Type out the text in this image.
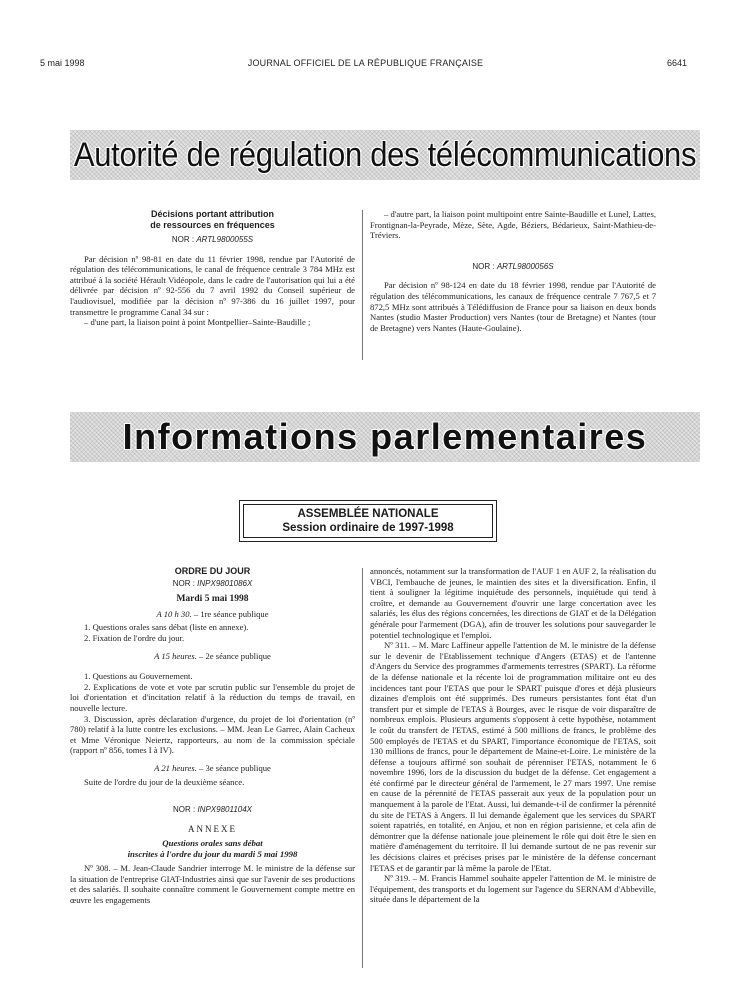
5 mai 1998	JOURNAL OFFICIEL DE LA RÉPUBLIQUE FRANÇAISE	6641
Autorité de régulation des télécommunications
Décisions portant attribution
de ressources en fréquences
NOR : ARTL9800055S

Par décision nº 98-81 en date du 11 février 1998, rendue par l'Autorité de régulation des télécommunications, le canal de fréquence centrale 3 784 MHz est attribué à la société Hérault Vidéopole, dans le cadre de l'autorisation qui lui a été délivrée par décision nº 92-556 du 7 avril 1992 du Conseil supérieur de l'audiovisuel, modifiée par la décision nº 97-386 du 16 juillet 1997, pour transmettre le programme Canal 34 sur :

– d'une part, la liaison point à point Montpellier–Sainte-Baudille ;

– d'autre part, la liaison point multipoint entre Sainte-Baudille et Lunel, Lattes, Frontignan-la-Peyrade, Mèze, Sète, Agde, Béziers, Bédarieux, Saint-Mathieu-de-Tréviers.

NOR : ARTL9800056S

Par décision nº 98-124 en date du 18 février 1998, rendue par l'Autorité de régulation des télécommunications, les canaux de fréquence centrale 7 767,5 et 7 872,5 MHz sont attribués à Télédiffusion de France pour sa liaison en deux bonds Nantes (studio Master Production) vers Nantes (tour de Bretagne) et Nantes (tour de Bretagne) vers Nantes (Haute-Goulaine).

Informations parlementaires
ASSEMBLÉE NATIONALE
Session ordinaire de 1997-1998
ORDRE DU JOUR
NOR : INPX9801086X
Mardi 5 mai 1998

A 10 h 30. – 1re séance publique

1. Questions orales sans débat (liste en annexe).

2. Fixation de l'ordre du jour.

A 15 heures. – 2e séance publique

1. Questions au Gouvernement.

2. Explications de vote et vote par scrutin public sur l'ensemble du projet de loi d'orientation et d'incitation relatif à la réduction du temps de travail, en nouvelle lecture.

3. Discussion, après déclaration d'urgence, du projet de loi d'orientation (nº 780) relatif à la lutte contre les exclusions. – MM. Jean Le Garrec, Alain Cacheux et Mme Véronique Neiertz, rapporteurs, au nom de la commission spéciale (rapport nº 856, tomes I à IV).

A 21 heures. – 3e séance publique

Suite de l'ordre du jour de la deuxième séance.

NOR : INPX9801104X
ANNEXE
Questions orales sans débat
inscrites à l'ordre du jour du mardi 5 mai 1998

Nº 308. – M. Jean-Claude Sandrier interroge M. le ministre de la défense sur la situation de l'entreprise GIAT-Industries ainsi que sur l'avenir de ses productions et des salariés. Il souhaite connaître comment le Gouvernement compte mettre en œuvre les engagements

annoncés, notamment sur la transformation de l'AUF 1 en AUF 2, la réalisation du VBCI, l'embauche de jeunes, le maintien des sites et la diversification. Enfin, il tient à souligner la légitime inquiétude des personnels, inquiétude qui tend à croître, et demande au Gouvernement d'ouvrir une large concertation avec les salariés, les élus des régions concernées, les directions de GIAT et de la Délégation générale pour l'armement (DGA), afin de trouver les solutions pour sauvegarder le potentiel technologique et l'emploi.

Nº 311. – M. Marc Laffineur appelle l'attention de M. le ministre de la défense sur le devenir de l'Etablissement technique d'Angers (ETAS) et de l'antenne d'Angers du Service des programmes d'armements terrestres (SPART). La réforme de la défense nationale et la récente loi de programmation militaire ont eu des incidences tant pour l'ETAS que pour le SPART puisque d'ores et déjà plusieurs dizaines d'emplois ont été supprimés. Des rumeurs persistantes font état d'un transfert pur et simple de l'ETAS à Bourges, avec le risque de voir disparaître de nombreux emplois. Plusieurs arguments s'opposent à cette hypothèse, notamment le coût du transfert de l'ETAS, estimé à 500 millions de francs, le problème des 500 employés de l'ETAS et du SPART, l'importance économique de l'ETAS, soit 130 millions de francs, pour le département de Maine-et-Loire. Le ministère de la défense a toujours affirmé son souhait de pérenniser l'ETAS, notamment le 6 novembre 1996, lors de la discussion du budget de la défense. Cet engagement a été confirmé par le directeur général de l'armement, le 27 mars 1997. Une remise en cause de la pérennité de l'ETAS passerait aux yeux de la population pour un manquement à la parole de l'Etat. Aussi, lui demande-t-il de confirmer la pérennité du site de l'ETAS à Angers. Il lui demande également que les services du SPART soient rapatriés, en totalité, en Anjou, et non en région parisienne, et cela afin de démontrer que la défense nationale joue pleinement le rôle qui doit être le sien en matière d'aménagement du territoire. Il lui demande surtout de ne pas revenir sur les décisions claires et précises prises par le ministère de la défense concernant l'ETAS et de garantir par là même la parole de l'Etat.

Nº 319. – M. Francis Hammel souhaite appeler l'attention de M. le ministre de l'équipement, des transports et du logement sur l'agence du SERNAM d'Abbeville, située dans le département de la
